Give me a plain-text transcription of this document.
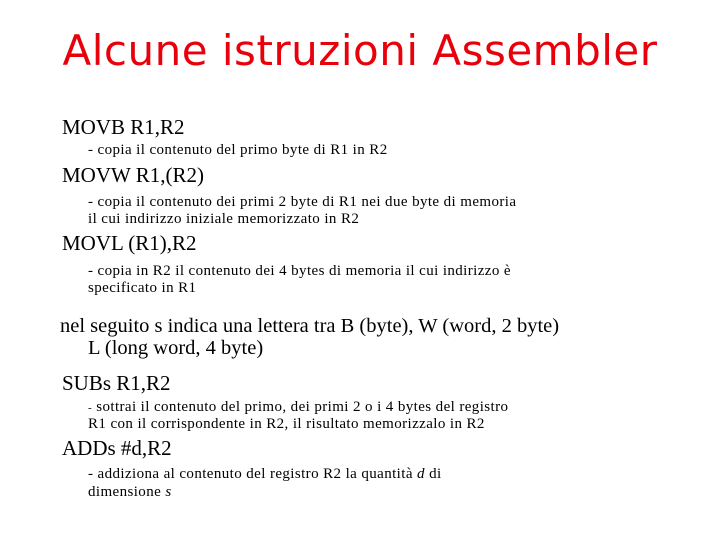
Alcune istruzioni Assembler
MOVB R1,R2
- copia il contenuto del primo byte di R1 in R2
MOVW R1,(R2)
- copia il contenuto dei primi 2 byte di R1 nei due byte di memoria
il cui indirizzo iniziale memorizzato in R2
MOVL (R1),R2
- copia in R2 il contenuto dei 4 bytes di memoria il cui indirizzo è
specificato in R1
nel seguito s indica una lettera tra B (byte), W (word, 2 byte)
L (long word, 4 byte)
SUBs R1,R2
- sottrai il contenuto del primo, dei primi 2 o i 4 bytes del registro
R1 con il corrispondente in R2, il risultato memorizzalo in R2
ADDs #d,R2
- addiziona al contenuto del registro R2 la quantità d di
dimensione s
